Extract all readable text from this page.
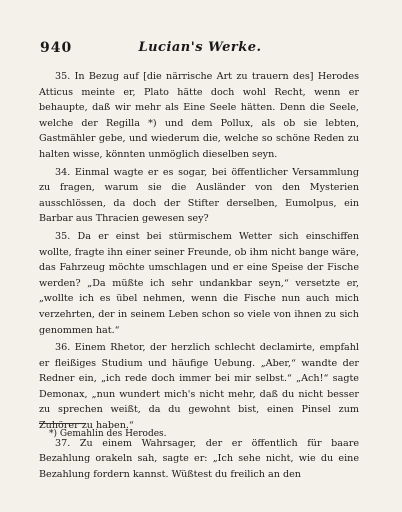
940	Lucian's Werke.

35. In Bezug auf [die närrische Art zu trauern des] Herodes Atticus meinte er, Plato hätte doch wohl Recht, wenn er behaupte, daß wir mehr als Eine Seele hätten. Denn die Seele, welche der Regilla *) und dem Pollux, als ob sie lebten, Gastmähler gebe, und wiederum die, welche so schöne Reden zu halten wisse, könnten unmöglich dieselben seyn.

34. Einmal wagte er es sogar, bei öffentlicher Versammlung zu fragen, warum sie die Ausländer von den Mysterien ausschlössen, da doch der Stifter derselben, Eumolpus, ein Barbar aus Thracien gewesen sey?

35. Da er einst bei stürmischem Wetter sich einschiffen wollte, fragte ihn einer seiner Freunde, ob ihm nicht bange wäre, das Fahrzeug möchte umschlagen und er eine Speise der Fische werden? „Da müßte ich sehr undankbar seyn,“ versetzte er, „wollte ich es übel nehmen, wenn die Fische nun auch mich verzehrten, der in seinem Leben schon so viele von ihnen zu sich genommen hat.“

36. Einem Rhetor, der herzlich schlecht declamirte, empfahl er fleißiges Studium und häufige Uebung. „Aber,“ wandte der Redner ein, „ich rede doch immer bei mir selbst.“ „Ach!“ sagte Demonax, „nun wundert mich's nicht mehr, daß du nicht besser zu sprechen weißt, da du gewohnt bist, einen Pinsel zum Zuhörer zu haben.“

37. Zu einem Wahrsager, der er öffentlich für baare Bezahlung orakeln sah, sagte er: „Ich sehe nicht, wie du eine Bezahlung fordern kannst. Wüßtest du freilich an den

*) Gemahlin des Herodes.
